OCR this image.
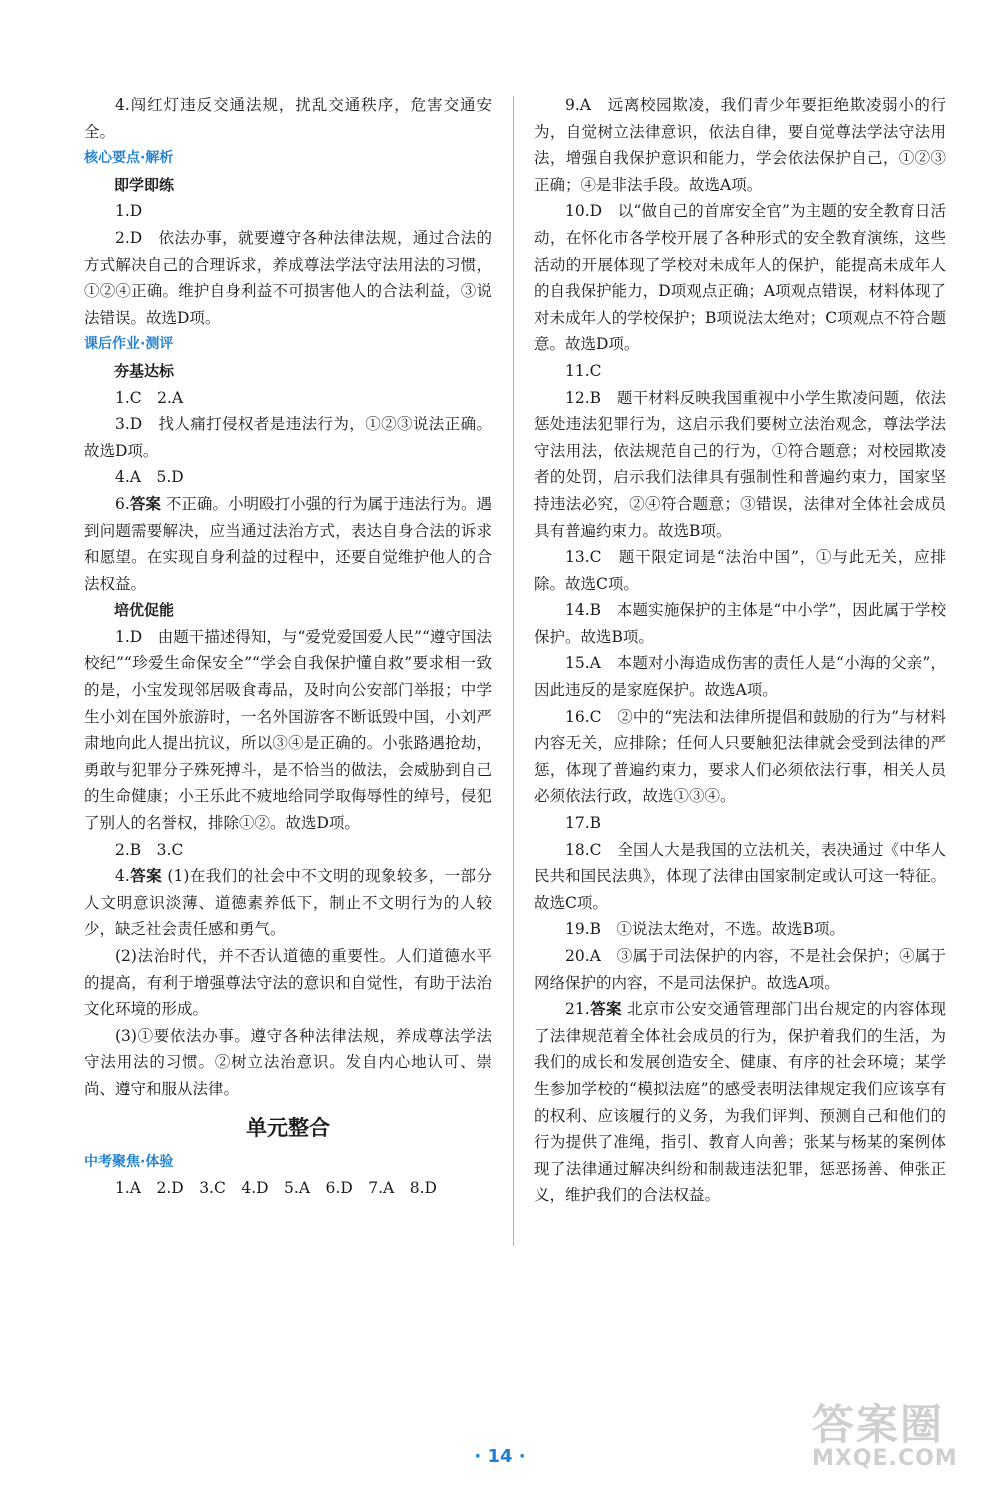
4.闯红灯违反交通法规，扰乱交通秩序，危害交通安全。

核心要点·解析

即学即练

1.D

2.D　依法办事，就要遵守各种法律法规，通过合法的方式解决自己的合理诉求，养成尊法学法守法用法的习惯，①②④正确。维护自身利益不可损害他人的合法利益，③说法错误。故选D项。

课后作业·测评

夯基达标

1.C　2.A

3.D　找人痛打侵权者是违法行为，①②③说法正确。故选D项。

4.A　5.D

6.答案 不正确。小明殴打小强的行为属于违法行为。遇到问题需要解决，应当通过法治方式，表达自身合法的诉求和愿望。在实现自身利益的过程中，还要自觉维护他人的合法权益。

培优促能

1.D　由题干描述得知，与“爱党爱国爱人民”“遵守国法校纪”“珍爱生命保安全”“学会自我保护懂自救”要求相一致的是，小宝发现邻居吸食毒品，及时向公安部门举报；中学生小刘在国外旅游时，一名外国游客不断诋毁中国，小刘严肃地向此人提出抗议，所以③④是正确的。小张路遇抢劫，勇敢与犯罪分子殊死搏斗，是不恰当的做法，会威胁到自己的生命健康；小王乐此不疲地给同学取侮辱性的绰号，侵犯了别人的名誉权，排除①②。故选D项。

2.B　3.C

4.答案 (1)在我们的社会中不文明的现象较多，一部分人文明意识淡薄、道德素养低下，制止不文明行为的人较少，缺乏社会责任感和勇气。

(2)法治时代，并不否认道德的重要性。人们道德水平的提高，有利于增强尊法守法的意识和自觉性，有助于法治文化环境的形成。

(3)①要依法办事。遵守各种法律法规，养成尊法学法守法用法的习惯。②树立法治意识。发自内心地认可、崇尚、遵守和服从法律。

单元整合

中考聚焦·体验

1.A　2.D　3.C　4.D　5.A　6.D　7.A　8.D

9.A　远离校园欺凌，我们青少年要拒绝欺凌弱小的行为，自觉树立法律意识，依法自律，要自觉尊法学法守法用法，增强自我保护意识和能力，学会依法保护自己，①②③正确；④是非法手段。故选A项。

10.D　以“做自己的首席安全官”为主题的安全教育日活动，在怀化市各学校开展了各种形式的安全教育演练，这些活动的开展体现了学校对未成年人的保护，能提高未成年人的自我保护能力，D项观点正确；A项观点错误，材料体现了对未成年人的学校保护；B项说法太绝对；C项观点不符合题意。故选D项。

11.C

12.B　题干材料反映我国重视中小学生欺凌问题，依法惩处违法犯罪行为，这启示我们要树立法治观念，尊法学法守法用法，依法规范自己的行为，①符合题意；对校园欺凌者的处罚，启示我们法律具有强制性和普遍约束力，国家坚持违法必究，②④符合题意；③错误，法律对全体社会成员具有普遍约束力。故选B项。

13.C　题干限定词是“法治中国”，①与此无关，应排除。故选C项。

14.B　本题实施保护的主体是“中小学”，因此属于学校保护。故选B项。

15.A　本题对小海造成伤害的责任人是“小海的父亲”，因此违反的是家庭保护。故选A项。

16.C　②中的“宪法和法律所提倡和鼓励的行为”与材料内容无关，应排除；任何人只要触犯法律就会受到法律的严惩，体现了普遍约束力，要求人们必须依法行事，相关人员必须依法行政，故选①③④。

17.B

18.C　全国人大是我国的立法机关，表决通过《中华人民共和国民法典》，体现了法律由国家制定或认可这一特征。故选C项。

19.B　①说法太绝对，不选。故选B项。

20.A　③属于司法保护的内容，不是社会保护；④属于网络保护的内容，不是司法保护。故选A项。

21.答案 北京市公安交通管理部门出台规定的内容体现了法律规范着全体社会成员的行为，保护着我们的生活，为我们的成长和发展创造安全、健康、有序的社会环境；某学生参加学校的“模拟法庭”的感受表明法律规定我们应该享有的权利、应该履行的义务，为我们评判、预测自己和他们的行为提供了准绳，指引、教育人向善；张某与杨某的案例体现了法律通过解决纠纷和制裁违法犯罪，惩恶扬善、伸张正义，维护我们的合法权益。

· 14 ·
答案圈
MXQE.COM
